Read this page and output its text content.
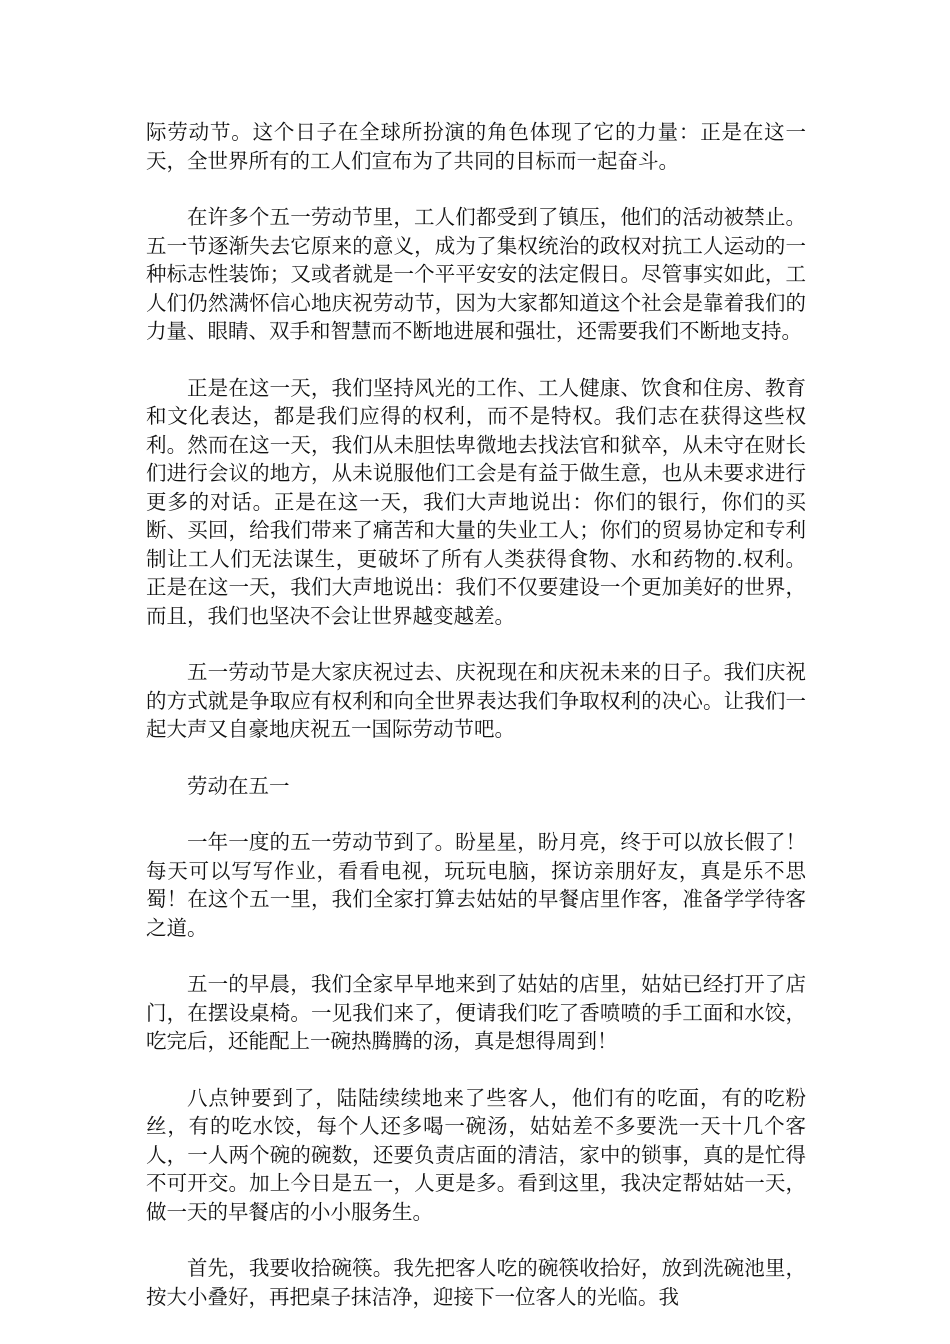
际劳动节。这个日子在全球所扮演的角色体现了它的力量：正是在这一天，全世界所有的工人们宣布为了共同的目标而一起奋斗。

在许多个五一劳动节里，工人们都受到了镇压，他们的活动被禁止。五一节逐渐失去它原来的意义，成为了集权统治的政权对抗工人运动的一种标志性装饰；又或者就是一个平平安安的法定假日。尽管事实如此，工人们仍然满怀信心地庆祝劳动节，因为大家都知道这个社会是靠着我们的力量、眼睛、双手和智慧而不断地进展和强壮，还需要我们不断地支持。

正是在这一天，我们坚持风光的工作、工人健康、饮食和住房、教育和文化表达，都是我们应得的权利，而不是特权。我们志在获得这些权利。然而在这一天，我们从未胆怯卑微地去找法官和狱卒，从未守在财长们进行会议的地方，从未说服他们工会是有益于做生意，也从未要求进行更多的对话。正是在这一天，我们大声地说出：你们的银行，你们的买断、买回，给我们带来了痛苦和大量的失业工人；你们的贸易协定和专利制让工人们无法谋生，更破坏了所有人类获得食物、水和药物的.权利。正是在这一天，我们大声地说出：我们不仅要建设一个更加美好的世界，而且，我们也坚决不会让世界越变越差。

五一劳动节是大家庆祝过去、庆祝现在和庆祝未来的日子。我们庆祝的方式就是争取应有权利和向全世界表达我们争取权利的决心。让我们一起大声又自豪地庆祝五一国际劳动节吧。

劳动在五一

一年一度的五一劳动节到了。盼星星，盼月亮，终于可以放长假了！每天可以写写作业，看看电视，玩玩电脑，探访亲朋好友，真是乐不思蜀！在这个五一里，我们全家打算去姑姑的早餐店里作客，准备学学待客之道。

五一的早晨，我们全家早早地来到了姑姑的店里，姑姑已经打开了店门，在摆设桌椅。一见我们来了，便请我们吃了香喷喷的手工面和水饺，吃完后，还能配上一碗热腾腾的汤，真是想得周到！

八点钟要到了，陆陆续续地来了些客人，他们有的吃面，有的吃粉丝，有的吃水饺，每个人还多喝一碗汤，姑姑差不多要洗一天十几个客人，一人两个碗的碗数，还要负责店面的清洁，家中的锁事，真的是忙得不可开交。加上今日是五一，人更是多。看到这里，我决定帮姑姑一天，做一天的早餐店的小小服务生。

首先，我要收拾碗筷。我先把客人吃的碗筷收拾好，放到洗碗池里，按大小叠好，再把桌子抹洁净，迎接下一位客人的光临。我
